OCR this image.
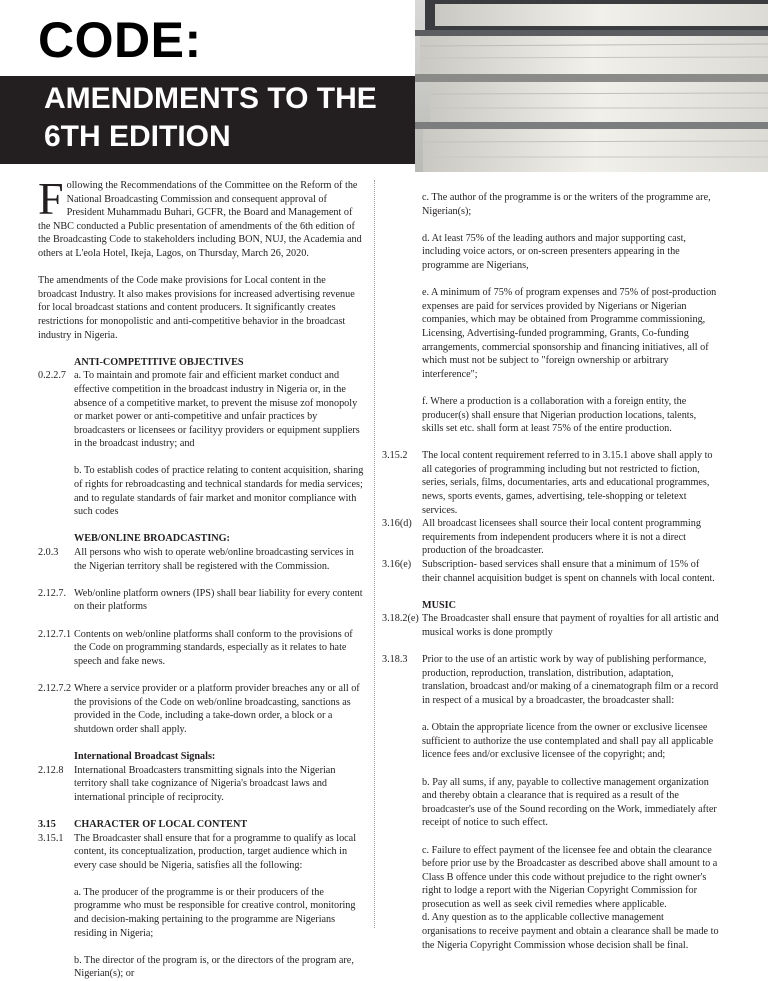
CODE:
AMENDMENTS TO THE
6TH EDITION

Following the Recommendations of the Committee on the Reform of the National Broadcasting Commission and consequent approval of President Muhammadu Buhari, GCFR, the Board and Management of the NBC conducted a Public presentation of amendments of the 6th edition of the Broadcasting Code to stakeholders including BON, NUJ, the Academia and others at L'eola Hotel, Ikeja, Lagos, on Thursday, March 26, 2020.

The amendments of the Code make provisions for Local content in the broadcast Industry. It also makes provisions for increased advertising revenue for local broadcast stations and content producers. It significantly creates restrictions for monopolistic and anti-competitive behavior in the broadcast industry in Nigeria.

ANTI-COMPETITIVE OBJECTIVES

0.2.2.7 a. To maintain and promote fair and efficient market conduct and effective competition in the broadcast industry in Nigeria or, in the absence of a competitive market, to prevent the misuse zof monopoly or market power or anti-competitive and unfair practices by broadcasters or licensees or facilityy providers or equipment suppliers in the broadcast industry; and

b. To establish codes of practice relating to content acquisition, sharing of rights for rebroadcasting and technical standards for media services; and to regulate standards of fair market and monitor compliance with such codes

WEB/ONLINE BROADCASTING:

2.0.3	All persons who wish to operate web/online broadcasting services in the Nigerian territory shall be registered with the Commission.
2.12.7. Web/online platform owners (IPS) shall bear liability for every content on their platforms
2.12.7.1 Contents on web/online platforms shall conform to the provisions of the Code on programming standards, especially as it relates to hate speech and fake news.
2.12.7.2 Where a service provider or a platform provider breaches any or all of the provisions of the Code on web/online broadcasting, sanctions as provided in the Code, including a take-down order, a block or a shutdown order shall apply.

International Broadcast Signals:

2.12.8	International Broadcasters transmitting signals into the Nigerian territory shall take cognizance of Nigeria's broadcast laws and international principle of reciprocity.
3.15	CHARACTER OF LOCAL CONTENT
3.15.1	The Broadcaster shall ensure that for a programme to qualify as local content, its conceptualization, production, target audience which in every case should be Nigeria, satisfies all the following:

a. The producer of the programme is or their producers of the programme who must be responsible for creative control, monitoring and decision-making pertaining to the programme are Nigerians residing in Nigeria;

b. The director of the program is, or the directors of the program are, Nigerian(s); or

c. The author of the programme is or the writers of the programme are, Nigerian(s);

d. At least 75% of the leading authors and major supporting cast, including voice actors, or on-screen presenters appearing in the programme are Nigerians,

e. A minimum of 75% of program expenses and 75% of post-production expenses are paid for services provided by Nigerians or Nigerian companies, which may be obtained from Programme commissioning, Licensing, Advertising-funded programming, Grants, Co-funding arrangements, commercial sponsorship and financing initiatives, all of which must not be subject to "foreign ownership or arbitrary interference";

f. Where a production is a collaboration with a foreign entity, the producer(s) shall ensure that Nigerian production locations, talents, skills set etc. shall form at least 75% of the entire production.

3.15.2	The local content requirement referred to in 3.15.1 above shall apply to all categories of programming including but not restricted to fiction, series, serials, films, documentaries, arts and educational programmes, news, sports events, games, advertising, tele-shopping or teletext services.
3.16(d)	All broadcast licensees shall source their local content programming requirements from independent producers where it is not a direct production of the broadcaster.
3.16(e)	Subscription- based services shall ensure that a minimum of 15% of their channel acquisition budget is spent on channels with local content.

MUSIC

3.18.2(e) The Broadcaster shall ensure that payment of royalties for all artistic and musical works is done promptly
3.18.3	Prior to the use of an artistic work by way of publishing performance, production, reproduction, translation, distribution, adaptation, translation, broadcast and/or making of a cinematograph film or a record in respect of a musical by a broadcaster, the broadcaster shall:

a. Obtain the appropriate licence from the owner or exclusive licensee sufficient to authorize the use contemplated and shall pay all applicable licence fees and/or exclusive licensee of the copyright; and;

b. Pay all sums, if any, payable to collective management organization and thereby obtain a clearance that is required as a result of the broadcaster's use of the Sound recording on the Work, immediately after receipt of notice to such effect.

c. Failure to effect payment of the licensee fee and obtain the clearance before prior use by the Broadcaster as described above shall amount to a Class B offence under this code without prejudice to the right owner's right to lodge a report with the Nigerian Copyright Commission for prosecution as well as seek civil remedies where applicable.

d. Any question as to the applicable collective management organisations to receive payment and obtain a clearance shall be made to the Nigeria Copyright Commission whose decision shall be final.
